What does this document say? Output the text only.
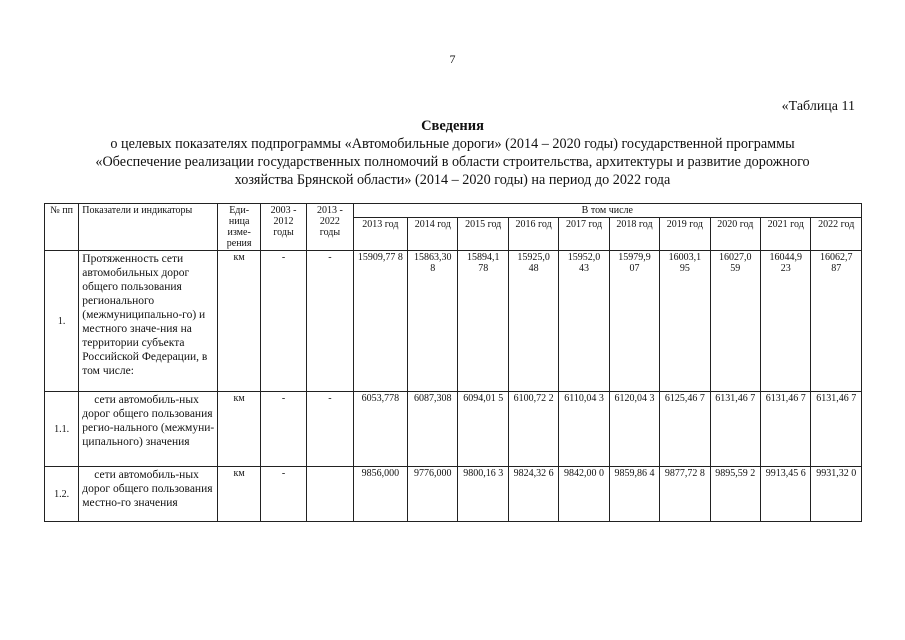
7
«Таблица 11
Сведения
о целевых показателях подпрограммы «Автомобильные дороги» (2014 – 2020 годы) государственной программы
«Обеспечение реализации государственных полномочий в области строительства, архитектуры и развитие дорожного
хозяйства Брянской области» (2014 – 2020 годы) на период до 2022 года
№ пп	Показатели и индикаторы	Еди-ница изме-рения	2003 - 2012 годы	2013 - 2022 годы	В том числе									
					2013 год	2014 год	2015 год	2016 год	2017 год	2018 год	2019 год	2020 год	2021 год	2022 год
1.	Протяженность сети автомобильных дорог общего пользования регионального (межмуниципально-го) и местного значе-ния на территории субъекта Российской Федерации, в том числе:	км	-	-	15909,77 8	15863,30 8	15894,1 78	15925,0 48	15952,0 43	15979,9 07	16003,1 95	16027,0 59	16044,9 23	16062,7 87
1.1.	сети автомобиль-ных дорог общего пользования регио-нального (межмуни-ципального) значения	км	-	-	6053,778	6087,308	6094,01 5	6100,72 2	6110,04 3	6120,04 3	6125,46 7	6131,46 7	6131,46 7	6131,46 7
1.2.	сети автомобиль-ных дорог общего пользования местно-го значения	км	-		9856,000	9776,000	9800,16 3	9824,32 6	9842,00 0	9859,86 4	9877,72 8	9895,59 2	9913,45 6	9931,32 0
